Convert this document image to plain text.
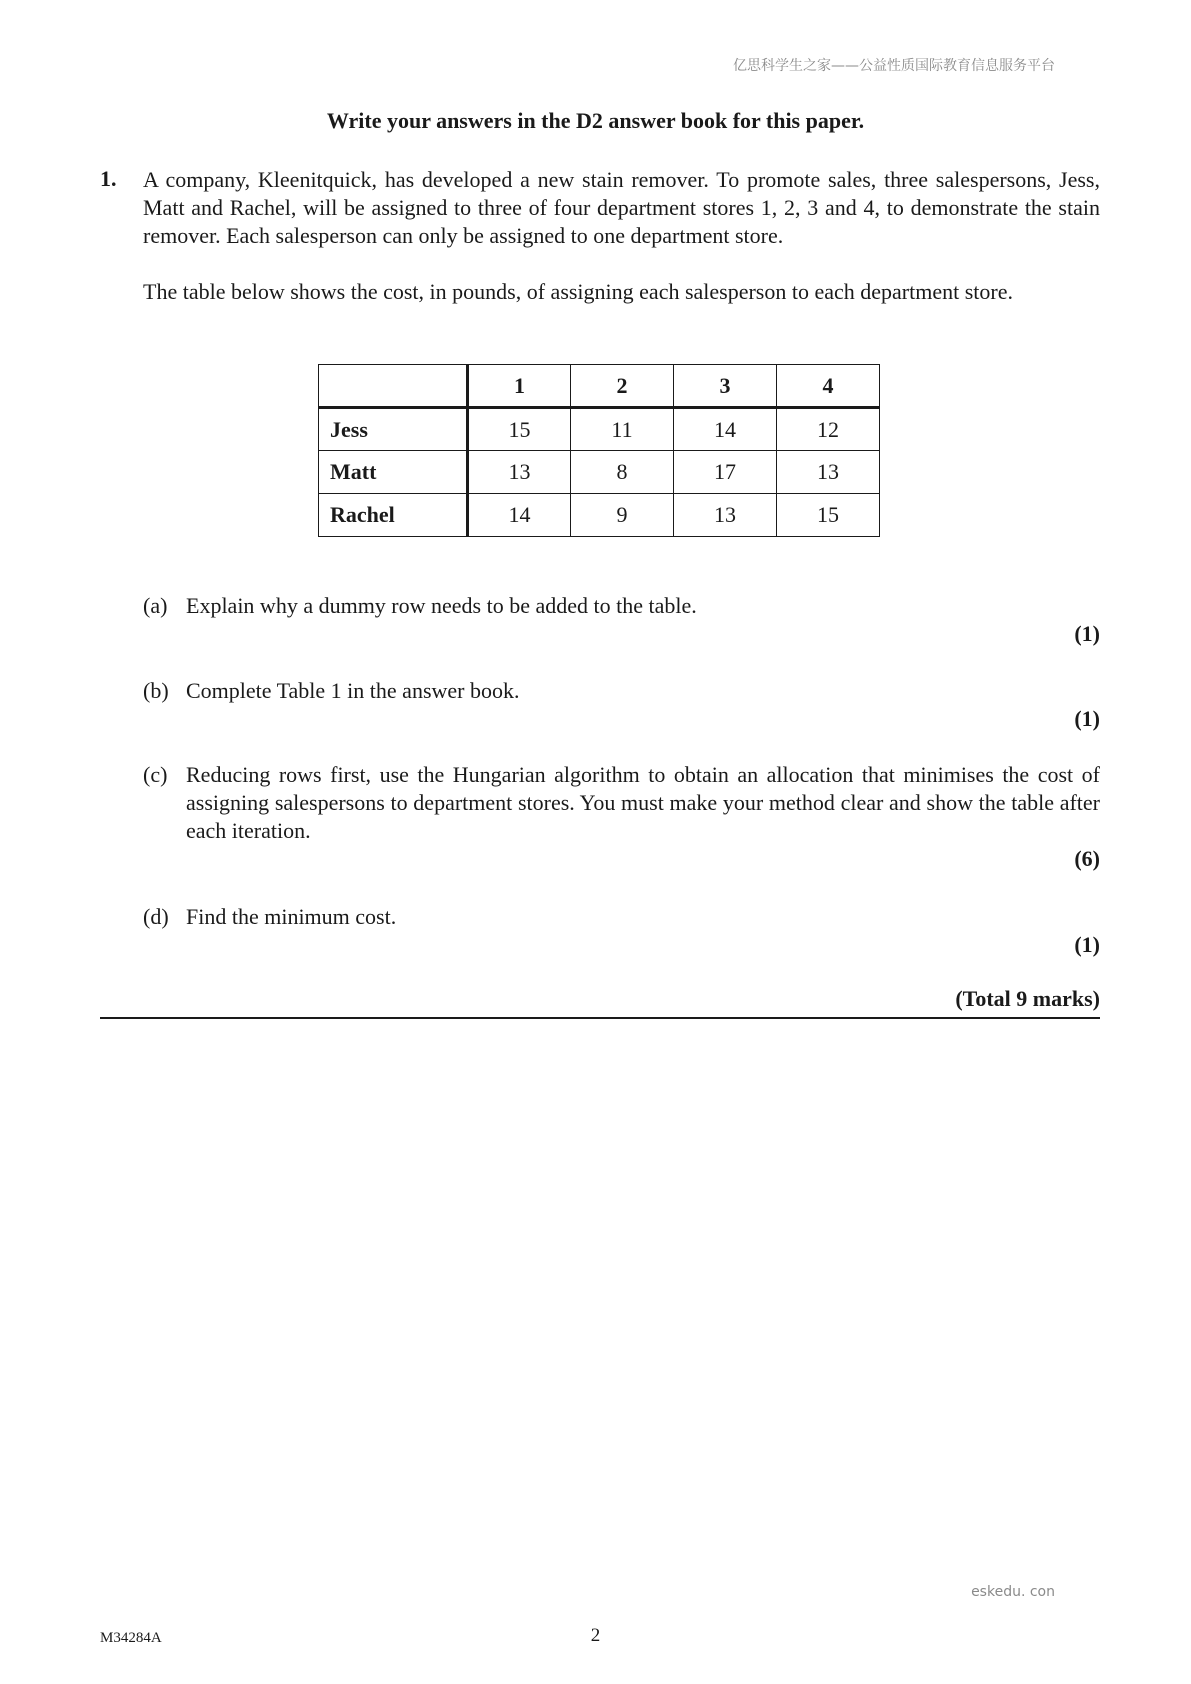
亿思科学生之家——公益性质国际教育信息服务平台
Write your answers in the D2 answer book for this paper.
1. A company, Kleenitquick, has developed a new stain remover. To promote sales, three salespersons, Jess, Matt and Rachel, will be assigned to three of four department stores 1, 2, 3 and 4, to demonstrate the stain remover. Each salesperson can only be assigned to one department store.
The table below shows the cost, in pounds, of assigning each salesperson to each department store.
	1	2	3	4
Jess	15	11	14	12
Matt	13	8	17	13
Rachel	14	9	13	15
(a) Explain why a dummy row needs to be added to the table.
(1)
(b) Complete Table 1 in the answer book.
(1)
(c) Reducing rows first, use the Hungarian algorithm to obtain an allocation that minimises the cost of assigning salespersons to department stores. You must make your method clear and show the table after each iteration.
(6)
(d) Find the minimum cost.
(1)
(Total 9 marks)
eskedu. con
M34284A	2
